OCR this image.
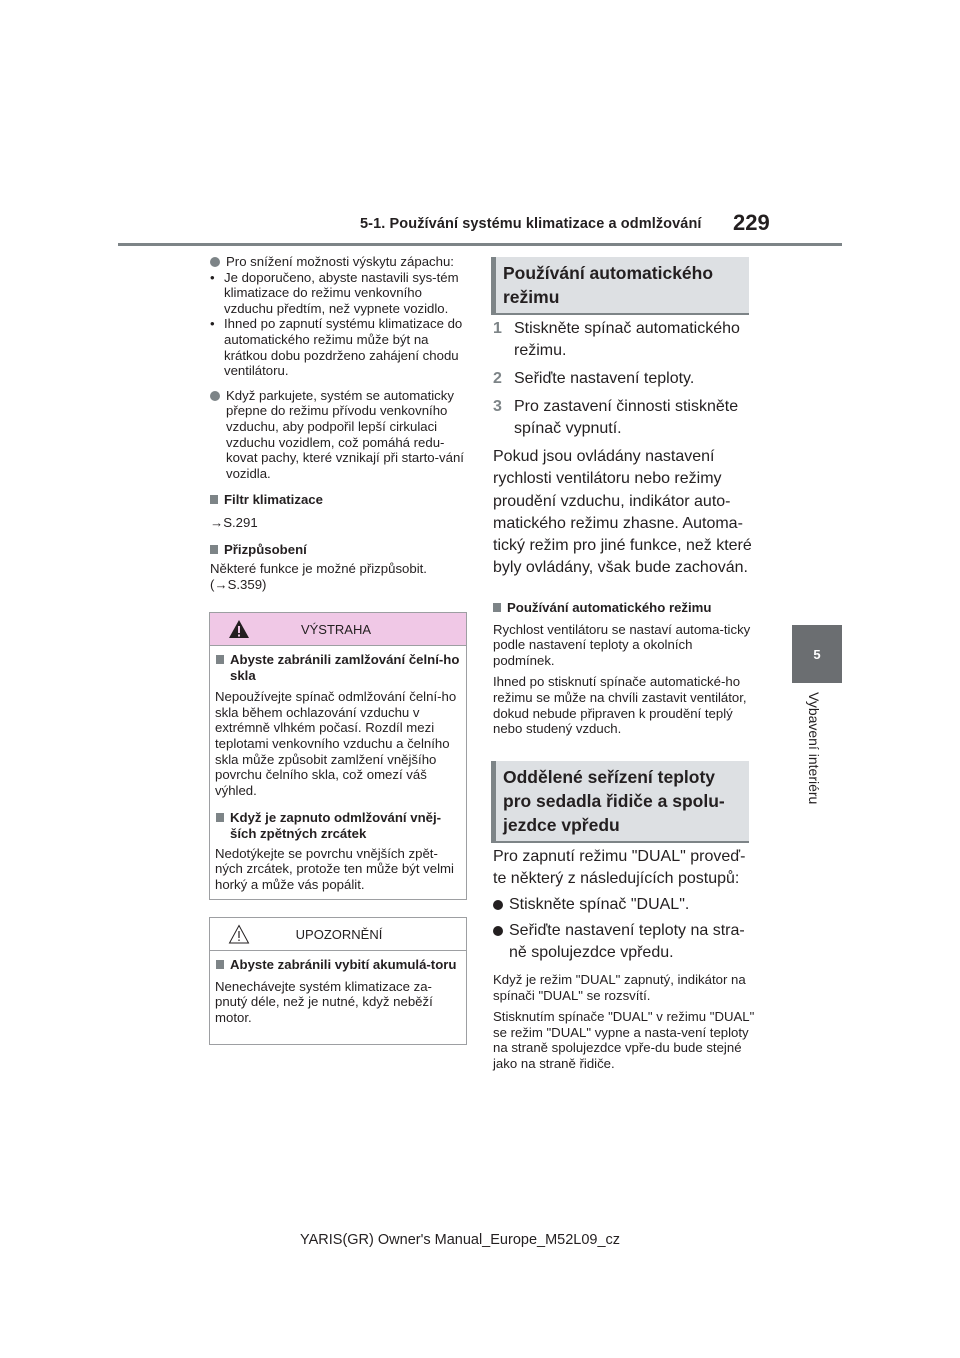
5-1. Používání systému klimatizace a odmlžování 229
5
Vybavení interiéru

Pro snížení možnosti výskytu zápachu:

• Je doporučeno, abyste nastavili sys-tém klimatizace do režimu venkovního vzduchu předtím, než vypnete vozidlo.

• Ihned po zapnutí systému klimatizace do automatického režimu může být na krátkou dobu pozdrženo zahájení chodu ventilátoru.

Když parkujete, systém se automaticky přepne do režimu přívodu venkovního vzduchu, aby podpořil lepší cirkulaci vzduchu vozidlem, což pomáhá redu-kovat pachy, které vznikají při starto-vání vozidla.

Filtr klimatizace

→S.291

Přizpůsobení

Některé funkce je možné přizpůsobit. (→S.359)

VÝSTRAHA
Abyste zabránili zamlžování čelní-ho skla

Nepoužívejte spínač odmlžování čelní-ho skla během ochlazování vzduchu v extrémně vlhkém počasí. Rozdíl mezi teplotami venkovního vzduchu a čelního skla může způsobit zamlžení vnějšího povrchu čelního skla, což omezí váš výhled.

Když je zapnuto odmlžování vněj-ších zpětných zrcátek

Nedotýkejte se povrchu vnějších zpět-ných zrcátek, protože ten může být velmi horký a může vás popálit.

UPOZORNĚNÍ
Abyste zabránili vybití akumulá-toru

Nenechávejte systém klimatizace za-pnutý déle, než je nutné, když neběží motor.

Používání automatického režimu
1 Stiskněte spínač automatického režimu.
2 Seřiďte nastavení teploty.
3 Pro zastavení činnosti stiskněte spínač vypnutí.

Pokud jsou ovládány nastavení rychlosti ventilátoru nebo režimy proudění vzduchu, indikátor auto-matického režimu zhasne. Automa-tický režim pro jiné funkce, než které byly ovládány, však bude zachován.

Používání automatického režimu

Rychlost ventilátoru se nastaví automa-ticky podle nastavení teploty a okolních podmínek.

Ihned po stisknutí spínače automatické-ho režimu se může na chvíli zastavit ventilátor, dokud nebude připraven k proudění teplý nebo studený vzduch.

Oddělené seřízení teploty pro sedadla řidiče a spolu-jezdce vpředu

Pro zapnutí režimu "DUAL" proveď-te některý z následujících postupů:

Stiskněte spínač "DUAL".
Seřiďte nastavení teploty na stra-ně spolujezdce vpředu.

Když je režim "DUAL" zapnutý, indikátor na spínači "DUAL" se rozsvítí.

Stisknutím spínače "DUAL" v režimu "DUAL" se režim "DUAL" vypne a nasta-vení teploty na straně spolujezdce vpře-du bude stejné jako na straně řidiče.

YARIS(GR) Owner's Manual_Europe_M52L09_cz
